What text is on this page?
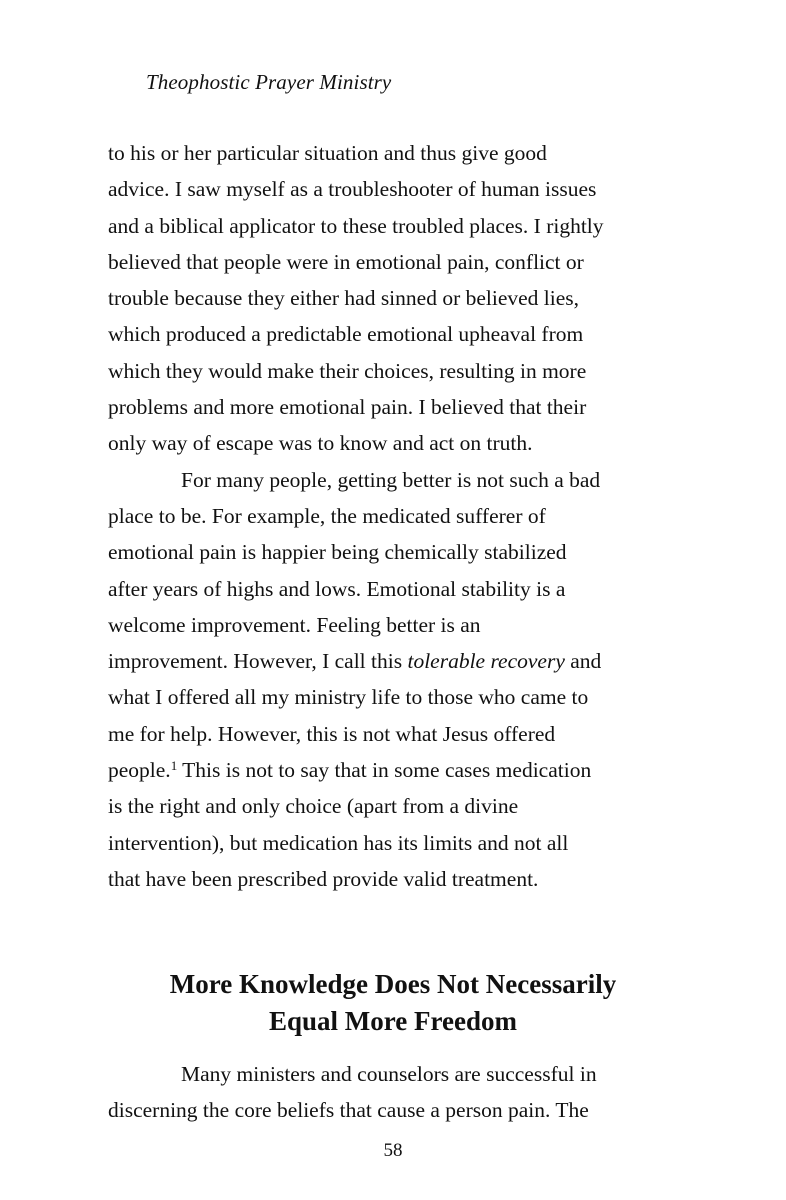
Theophostic Prayer Ministry
to his or her particular situation and thus give good
advice. I saw myself as a troubleshooter of human issues
and a biblical applicator to these troubled places. I rightly
believed that people were in emotional pain, conflict or
trouble because they either had sinned or believed lies,
which produced a predictable emotional upheaval from
which they would make their choices, resulting in more
problems and more emotional pain. I believed that their
only way of escape was to know and act on truth.
For many people, getting better is not such a bad
place to be. For example, the medicated sufferer of
emotional pain is happier being chemically stabilized
after years of highs and lows. Emotional stability is a
welcome improvement. Feeling better is an
improvement. However, I call this tolerable recovery and
what I offered all my ministry life to those who came to
me for help. However, this is not what Jesus offered
people.$^1$ This is not to say that in some cases medication
is the right and only choice (apart from a divine
intervention), but medication has its limits and not all
that have been prescribed provide valid treatment.
More Knowledge Does Not Necessarily
Equal More Freedom
Many ministers and counselors are successful in
discerning the core beliefs that cause a person pain. The
58
